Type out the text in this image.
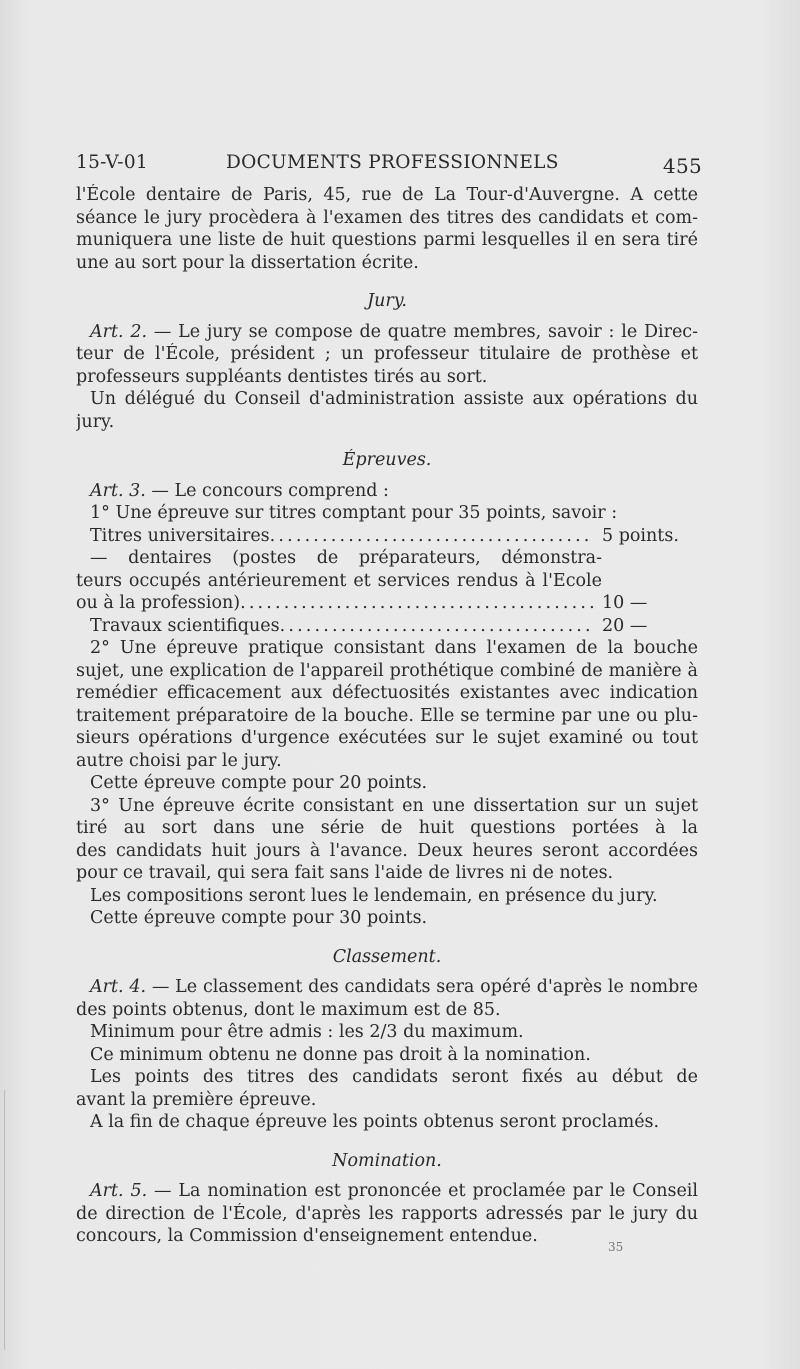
15-V-01	DOCUMENTS PROFESSIONNELS	455
l'École dentaire de Paris, 45, rue de La Tour-d'Auvergne. A cette
séance le jury procèdera à l'examen des titres des candidats et com-
muniquera une liste de huit questions parmi lesquelles il en sera tiré
une au sort pour la dissertation écrite.
Jury.
Art. 2. — Le jury se compose de quatre membres, savoir : le Direc-
teur de l'École, président ; un professeur titulaire de prothèse et
professeurs suppléants dentistes tirés au sort.
Un délégué du Conseil d'administration assiste aux opérations du
jury.
Épreuves.
Art. 3. — Le concours comprend :
1° Une épreuve sur titres comptant pour 35 points, savoir :
Titres universitaires . . .	5 points.
— dentaires (postes de préparateurs, démonstra-
teurs occupés antérieurement et services rendus à l'Ecole
ou à la profession) . . .	10 —
Travaux scientifiques . . .	20 —
2° Une épreuve pratique consistant dans l'examen de la bouche
sujet, une explication de l'appareil prothétique combiné de manière à
remédier efficacement aux défectuosités existantes avec indication
traitement préparatoire de la bouche. Elle se termine par une ou plu-
sieurs opérations d'urgence exécutées sur le sujet examiné ou tout
autre choisi par le jury.
Cette épreuve compte pour 20 points.
3° Une épreuve écrite consistant en une dissertation sur un sujet
tiré au sort dans une série de huit questions portées à la
des candidats huit jours à l'avance. Deux heures seront accordées
pour ce travail, qui sera fait sans l'aide de livres ni de notes.
Les compositions seront lues le lendemain, en présence du jury.
Cette épreuve compte pour 30 points.
Classement.
Art. 4. — Le classement des candidats sera opéré d'après le nombre
des points obtenus, dont le maximum est de 85.
Minimum pour être admis : les 2/3 du maximum.
Ce minimum obtenu ne donne pas droit à la nomination.
Les points des titres des candidats seront fixés au début de
avant la première épreuve.
A la fin de chaque épreuve les points obtenus seront proclamés.
Nomination.
Art. 5. — La nomination est prononcée et proclamée par le Conseil
de direction de l'École, d'après les rapports adressés par le jury du
concours, la Commission d'enseignement entendue.
35
